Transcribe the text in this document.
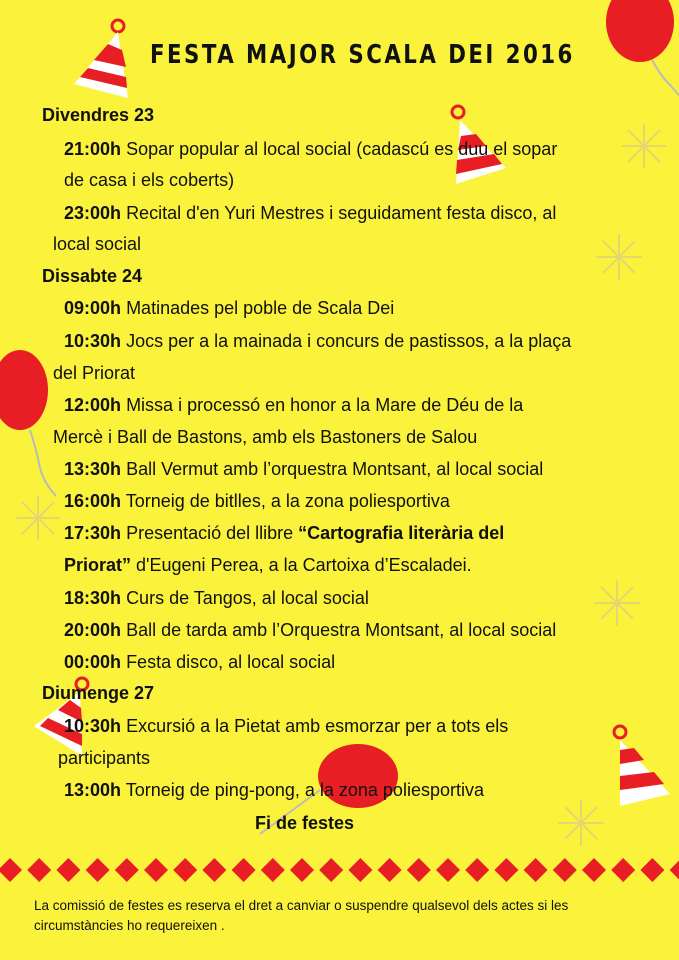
FESTA MAJOR SCALA DEI 2016
Divendres 23
21:00h Sopar popular al local social (cadascú es duu el sopar
de casa i els coberts)
23:00h Recital d'en Yuri Mestres i seguidament festa disco, al
local social
Dissabte 24
09:00h Matinades pel poble de Scala Dei
10:30h Jocs per a la mainada i concurs de pastissos, a la plaça
del Priorat
12:00h Missa i processó en honor a la Mare de Déu de la
Mercè i Ball de Bastons, amb els Bastoners de Salou
13:30h Ball Vermut amb l’orquestra Montsant, al local social
16:00h Torneig de bitlles, a la zona poliesportiva
17:30h Presentació del llibre “Cartografia literària del
Priorat” d'Eugeni Perea, a la Cartoixa d’Escaladei.
18:30h Curs de Tangos, al local social
20:00h Ball de tarda amb l’Orquestra Montsant, al local social
00:00h Festa disco, al local social
Diumenge 27
10:30h Excursió a la Pietat amb esmorzar per a tots els
participants
13:00h Torneig de ping-pong, a la zona poliesportiva
Fi de festes
La comissió de festes es reserva el dret a canviar o suspendre qualsevol dels actes si les circumstàncies ho requereixen .
